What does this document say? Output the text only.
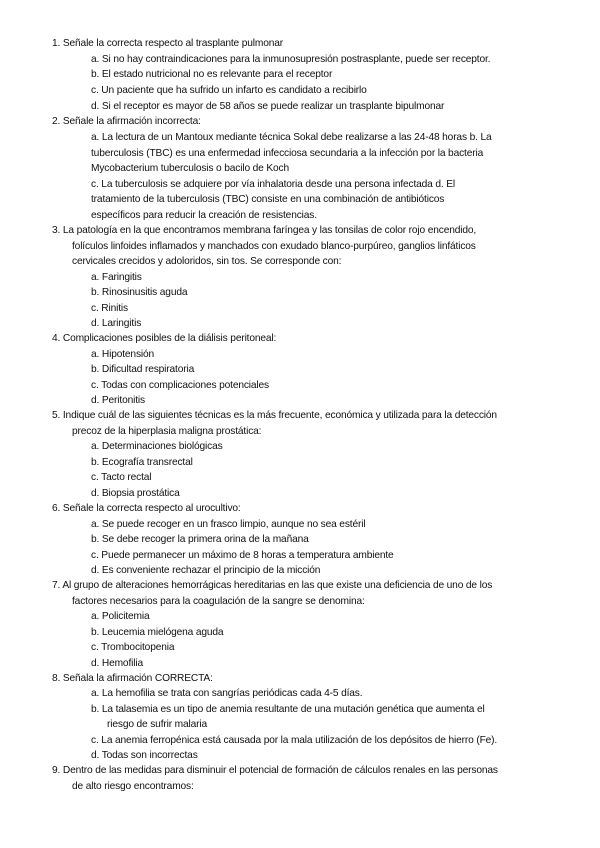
1. Señale la correcta respecto al trasplante pulmonar
a. Si no hay contraindicaciones para la inmunosupresión postrasplante, puede ser receptor.
b. El estado nutricional no es relevante para el receptor
c. Un paciente que ha sufrido un infarto es candidato a recibirlo
d. Si el receptor es mayor de 58 años se puede realizar un trasplante bipulmonar
2. Señale la afirmación incorrecta:
a. La lectura de un Mantoux mediante técnica Sokal debe realizarse a las 24-48 horas b. La
tuberculosis (TBC) es una enfermedad infecciosa secundaria a la infección por la bacteria
Mycobacterium tuberculosis o bacilo de Koch
c. La tuberculosis se adquiere por vía inhalatoria desde una persona infectada d. El
tratamiento de la tuberculosis (TBC) consiste en una combinación de antibióticos
específicos para reducir la creación de resistencias.
3. La patología en la que encontramos membrana faríngea y las tonsilas de color rojo encendido,
folículos linfoides inflamados y manchados con exudado blanco-purpúreo, ganglios linfáticos
cervicales crecidos y adoloridos, sin tos. Se corresponde con:
a. Faringitis
b. Rinosinusitis aguda
c. Rinitis
d. Laringitis
4. Complicaciones posibles de la diálisis peritoneal:
a. Hipotensión
b. Dificultad respiratoria
c. Todas con complicaciones potenciales
d. Peritonitis
5. Indique cuál de las siguientes técnicas es la más frecuente, económica y utilizada para la detección
precoz de la hiperplasia maligna prostática:
a. Determinaciones biológicas
b. Ecografía transrectal
c. Tacto rectal
d. Biopsia prostática
6. Señale la correcta respecto al urocultivo:
a. Se puede recoger en un frasco limpio, aunque no sea estéril
b. Se debe recoger la primera orina de la mañana
c. Puede permanecer un máximo de 8 horas a temperatura ambiente
d. Es conveniente rechazar el principio de la micción
7. Al grupo de alteraciones hemorrágicas hereditarias en las que existe una deficiencia de uno de los
factores necesarios para la coagulación de la sangre se denomina:
a. Policitemia
b. Leucemia mielógena aguda
c. Trombocitopenia
d. Hemofilia
8. Señala la afirmación CORRECTA:
a. La hemofilia se trata con sangrías periódicas cada 4-5 días.
b. La talasemia es un tipo de anemia resultante de una mutación genética que aumenta el
riesgo de sufrir malaria
c. La anemia ferropénica está causada por la mala utilización de los depósitos de hierro (Fe).
d. Todas son incorrectas
9. Dentro de las medidas para disminuir el potencial de formación de cálculos renales en las personas
de alto riesgo encontramos:
